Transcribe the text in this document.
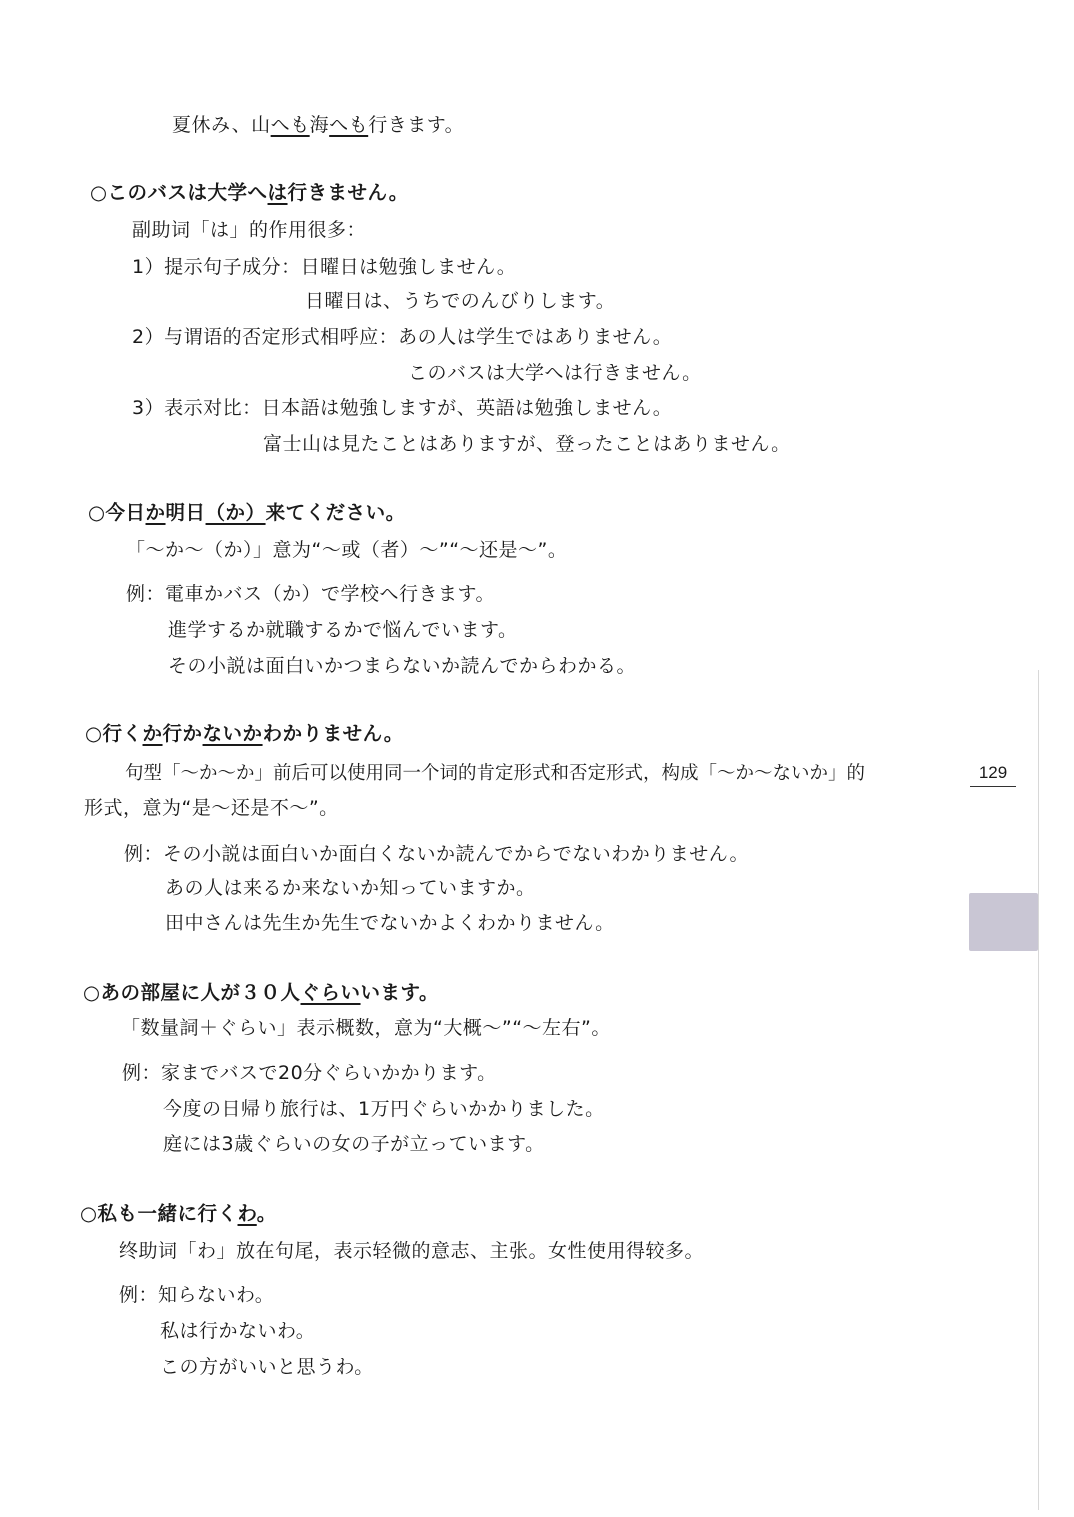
夏休み、山へも海へも行きます。
○このバスは大学へは行きません。
副助词「は」的作用很多：
1）提示句子成分：日曜日は勉強しません。
日曜日は、うちでのんびりします。
2）与谓语的否定形式相呼应：あの人は学生ではありません。
このバスは大学へは行きません。
3）表示对比：日本語は勉強しますが、英語は勉強しません。
富士山は見たことはありますが、登ったことはありません。
○今日か明日（か）来てください。
「～か～（か）」意为“～或（者）～”“～还是～”。
例：電車かバス（か）で学校へ行きます。
進学するか就職するかで悩んでいます。
その小説は面白いかつまらないか読んでからわかる。
○行くか行かないかわかりません。
句型「～か～か」前后可以使用同一个词的肯定形式和否定形式，构成「～か～ないか」的
形式，意为“是～还是不～”。
例：その小説は面白いか面白くないか読んでからでないわかりません。
あの人は来るか来ないか知っていますか。
田中さんは先生か先生でないかよくわかりません。
○あの部屋に人が３０人ぐらいいます。
「数量詞＋ぐらい」表示概数，意为“大概～”“～左右”。
例：家までバスで20分ぐらいかかります。
今度の日帰り旅行は、1万円ぐらいかかりました。
庭には3歳ぐらいの女の子が立っています。
○私も一緒に行くわ。
终助词「わ」放在句尾，表示轻微的意志、主张。女性使用得较多。
例：知らないわ。
私は行かないわ。
この方がいいと思うわ。
129
